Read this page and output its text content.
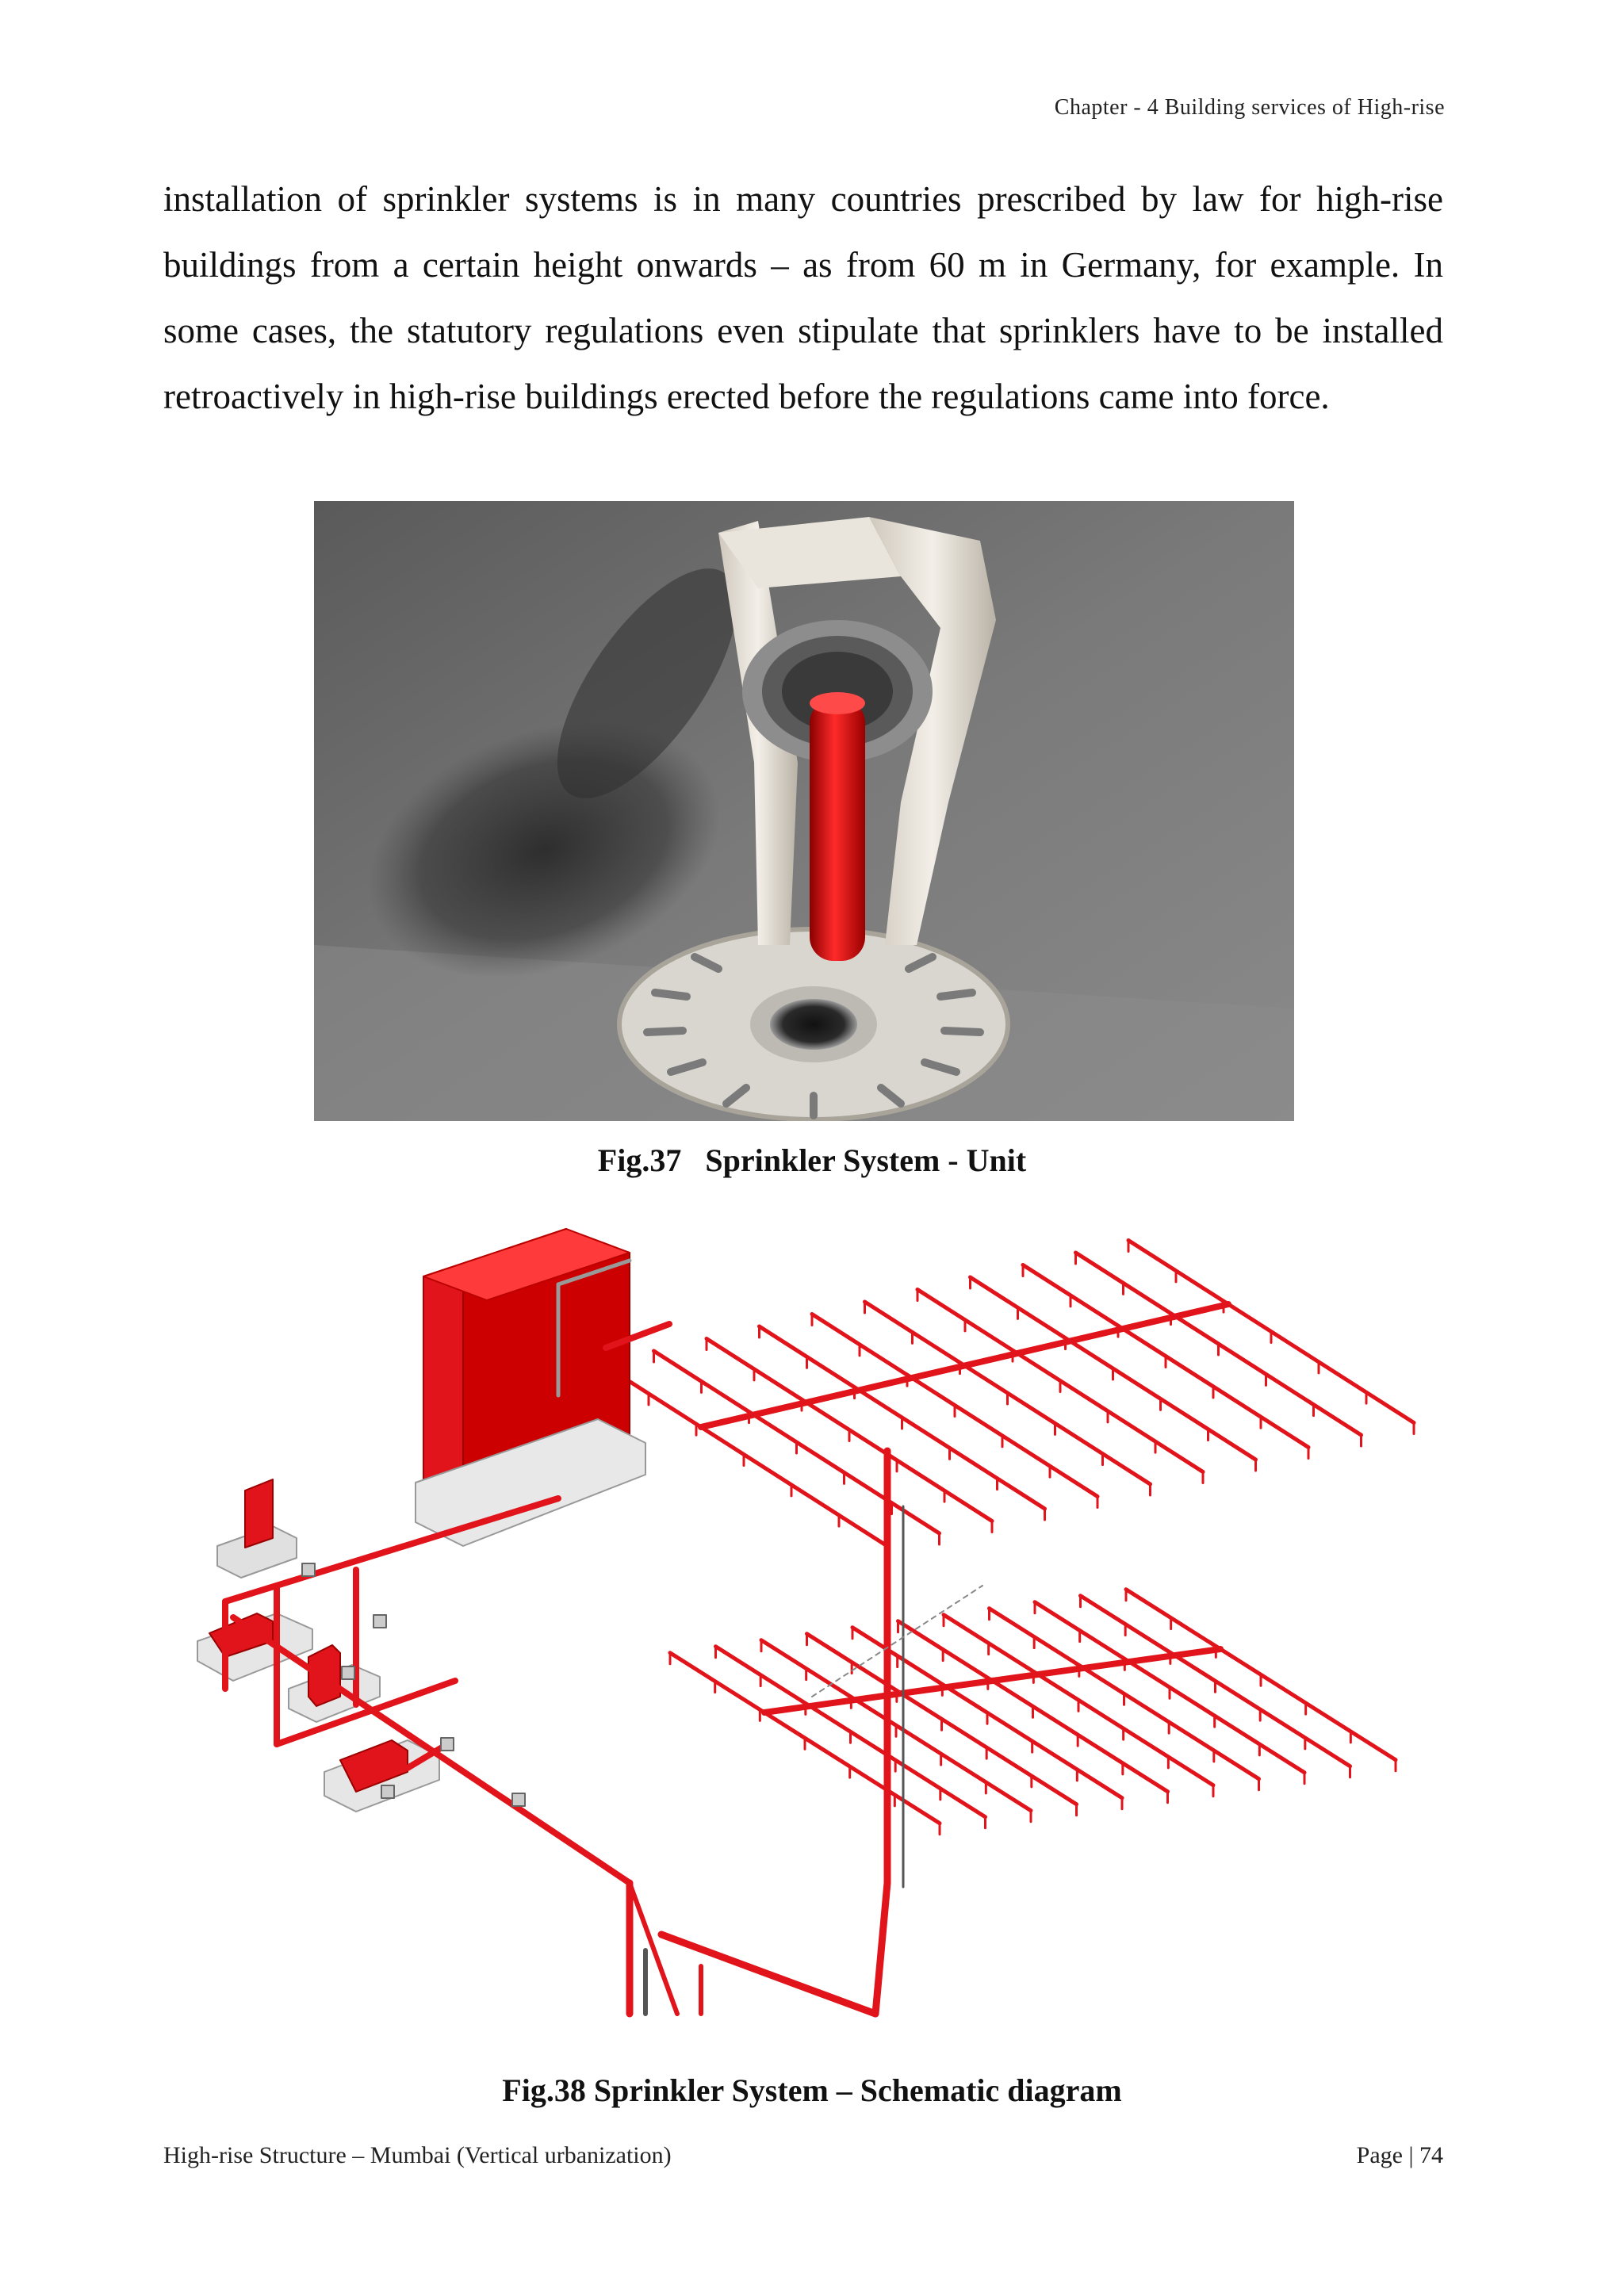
Chapter - 4 Building services of High-rise
installation of sprinkler systems is in many countries prescribed by law for high-rise buildings from a certain height onwards – as from 60 m in Germany, for example. In some cases, the statutory regulations even stipulate that sprinklers have to be installed retroactively in high-rise buildings erected before the regulations came into force.
Fig.37   Sprinkler System - Unit
Fig.38 Sprinkler System – Schematic diagram
High-rise Structure – Mumbai (Vertical urbanization)	Page | 74
